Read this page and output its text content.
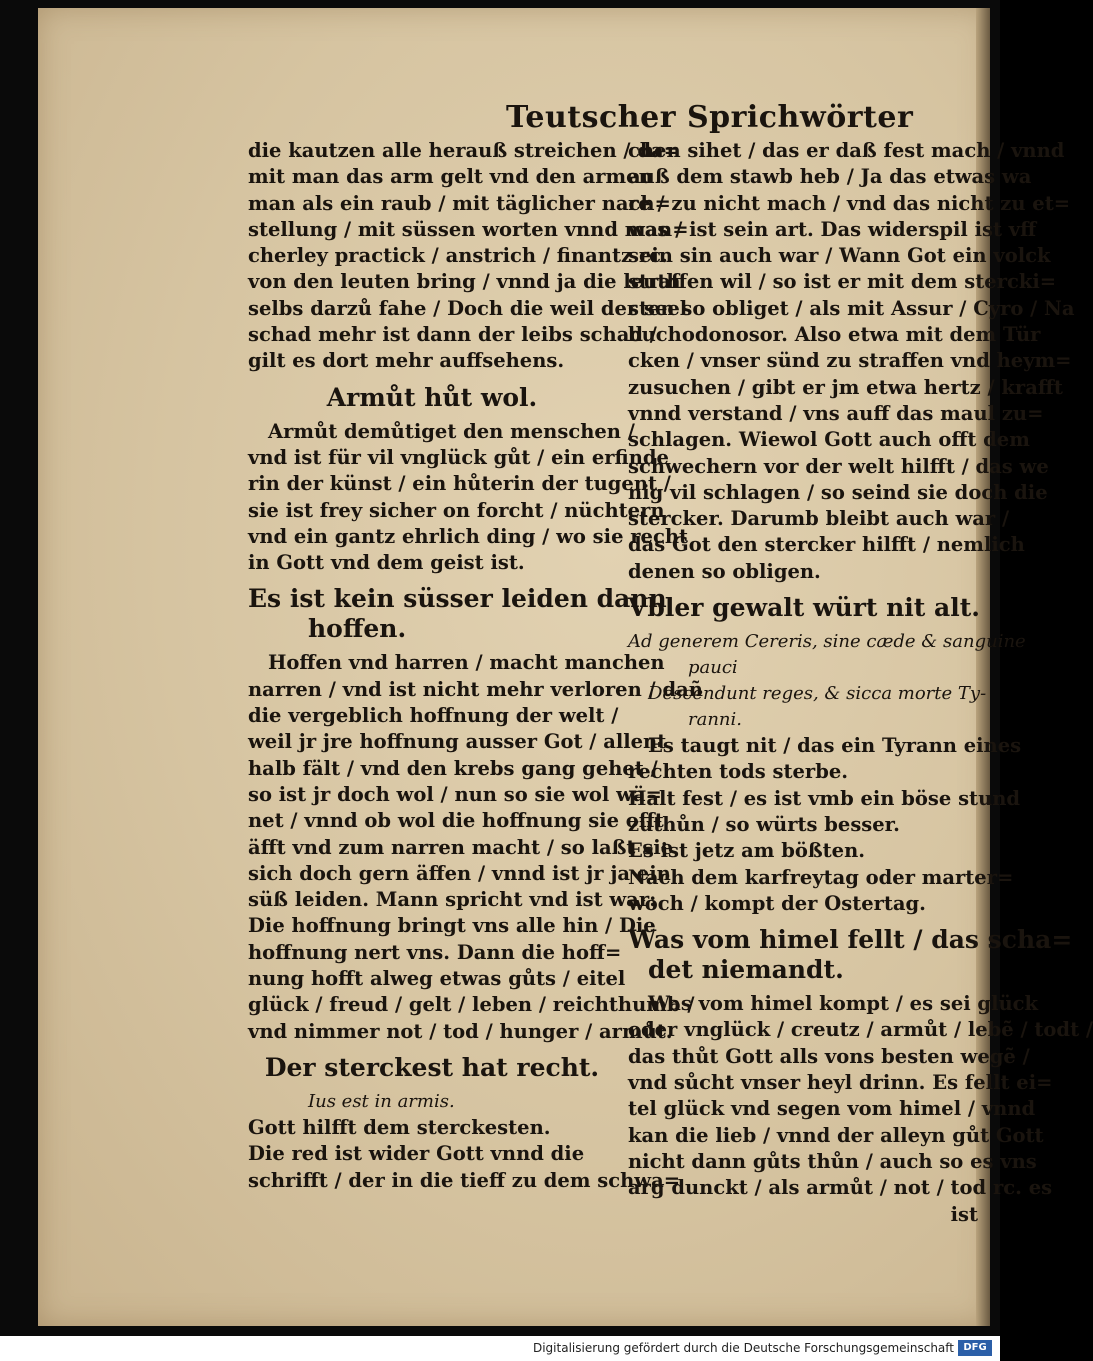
Teutscher Sprichwörter
die kautzen alle herauß streichen / da=
mit man das arm gelt vnd den armen
man als ein raub / mit täglicher nach=
stellung / mit süssen worten vnnd man=
cherley practick / anstrich / finantz rc.
von den leuten bring / vnnd ja die leuth
selbs darzů fahe / Doch die weil der seel
schad mehr ist dann der leibs schad /
gilt es dort mehr auffsehens.
Armůt hůt wol.
Armůt demůtiget den menschen /
vnd ist für vil vnglück gůt / ein erfinde
rin der künst / ein hůterin der tugent /
sie ist frey sicher on forcht / nüchtern
vnd ein gantz ehrlich ding / wo sie recht
in Gott vnd dem geist ist.
Es ist kein süsser leiden dann
hoffen.
Hoffen vnd harren / macht manchen
narren / vnd ist nicht mehr verloren / dañ
die vergeblich hoffnung der welt /
weil jr jre hoffnung ausser Got / allent
halb fält / vnd den krebs gang gehet /
so ist jr doch wol / nun so sie wol wä=
net / vnnd ob wol die hoffnung sie offt
äfft vnd zum narren macht / so laßt sie
sich doch gern äffen / vnnd ist jr ja ein
süß leiden. Mann spricht vnd ist war:
Die hoffnung bringt vns alle hin / Die
hoffnung nert vns. Dann die hoff=
nung hofft alweg etwas gůts / eitel
glück / freud / gelt / leben / reichthumb /
vnd nimmer not / tod / hunger / armůt.
Der sterckest hat recht.
Ius est in armis.
Gott hilfft dem sterckesten.
Die red ist wider Gott vnnd die
schrifft / der in die tieff zu dem schwa=
chen sihet / das er daß fest mach / vnnd
auß dem stawb heb / Ja das etwas wa
re / zu nicht mach / vnd das nicht zu et=
was / ist sein art. Das widerspil ist vff
sein sin auch war / Wann Got ein volck
straffen wil / so ist er mit dem stercki=
sten so obliget / als mit Assur / Cyro / Na
buchodonosor. Also etwa mit dem Tür
cken / vnser sünd zu straffen vnd heym=
zusuchen / gibt er jm etwa hertz / krafft
vnnd verstand / vns auff das maul zu=
schlagen. Wiewol Gott auch offt dem
schwechern vor der welt hilfft / das we
nig vil schlagen / so seind sie doch die
stercker. Darumb bleibt auch war /
das Got den stercker hilfft / nemlich
denen so obligen.
Vbler gewalt würt nit alt.
Ad generem Cereris, sine cæde & sanguine
pauci
Descendunt reges, & sicca morte Ty-
ranni.
Es taugt nit / das ein Tyrann eines
rechten tods sterbe.
Halt fest / es ist vmb ein böse stund
zuthůn / so würts besser.
Es ist jetz am bößten.
Nach dem karfreytag oder marter=
woch / kompt der Ostertag.
Was vom himel fellt / das scha=
det niemandt.
Was vom himel kompt / es sei glück
oder vnglück / creutz / armůt / lebẽ / todt /
das thůt Gott alls vons besten wegẽ /
vnd sůcht vnser heyl drinn. Es fellt ei=
tel glück vnd segen vom himel / vnnd
kan die lieb / vnnd der alleyn gůt Gott
nicht dann gůts thůn / auch so es vns
arg dunckt / als armůt / not / tod rc. es
ist
Digitalisierung gefördert durch die Deutsche Forschungsgemeinschaft DFG
